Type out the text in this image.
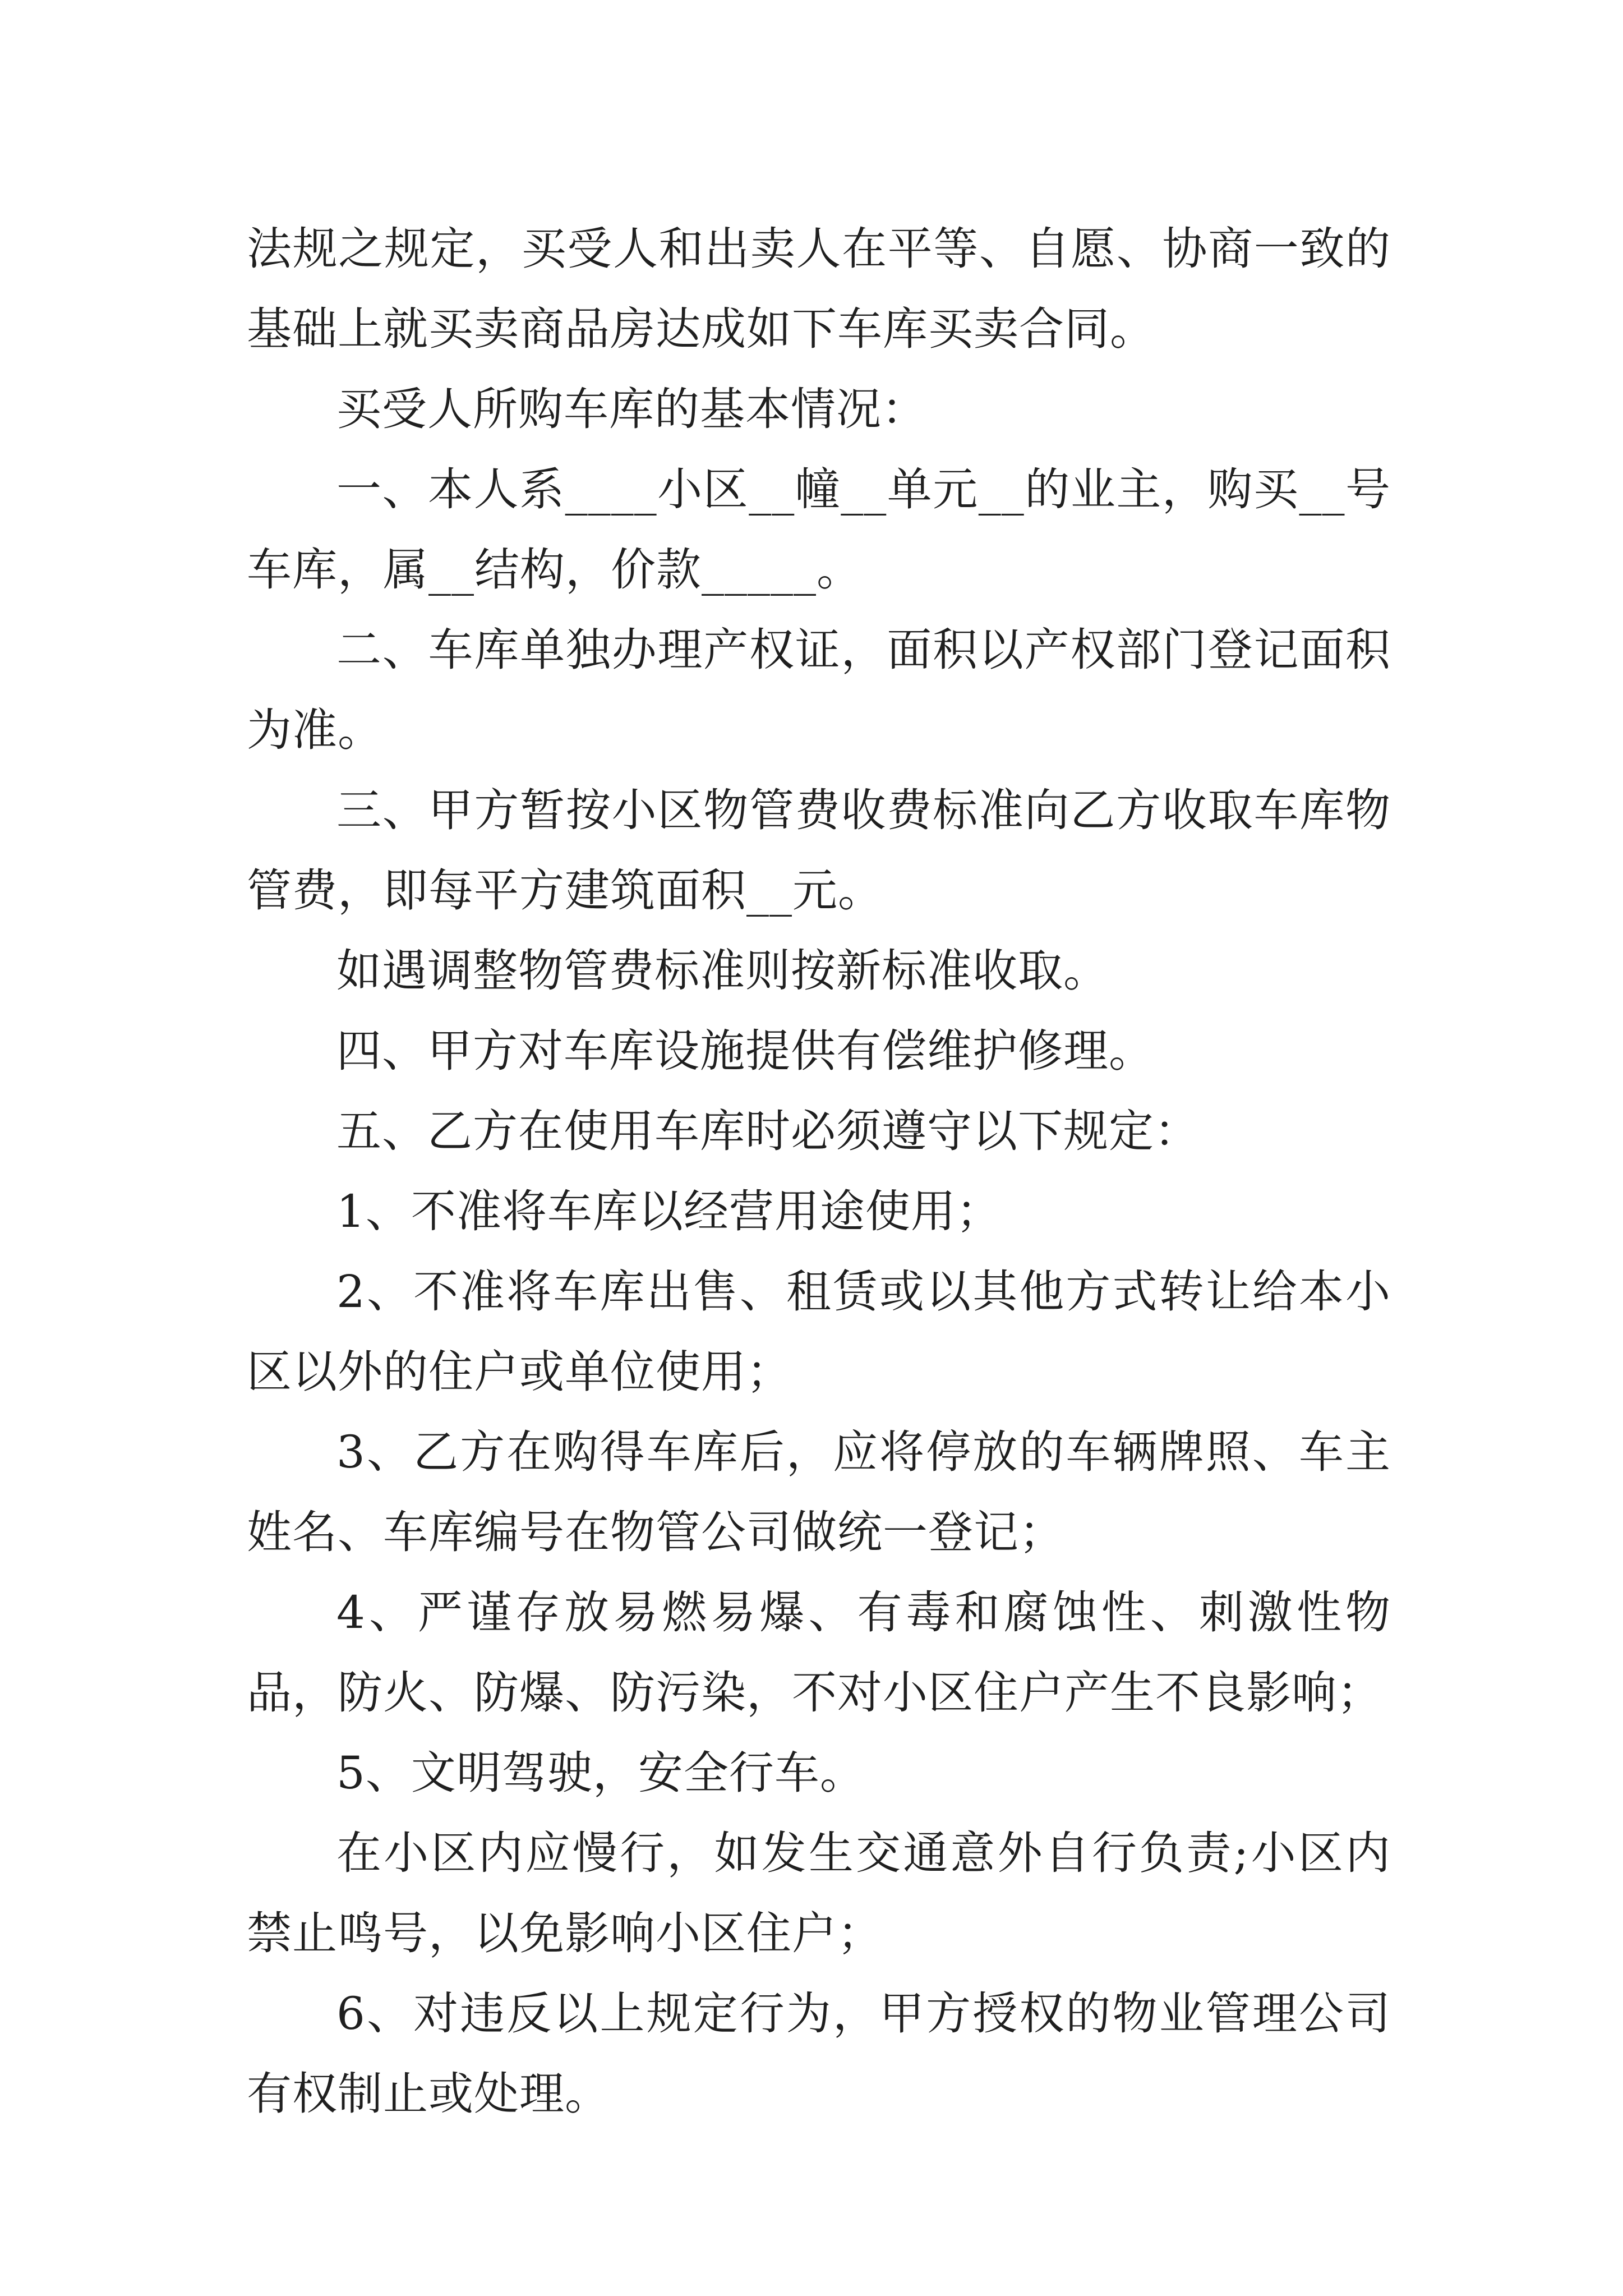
法规之规定，买受人和出卖人在平等、自愿、协商一致的基础上就买卖商品房达成如下车库买卖合同。

买受人所购车库的基本情况：

一、本人系____小区__幢__单元__的业主，购买__号车库，属__结构，价款_____。

二、车库单独办理产权证，面积以产权部门登记面积为准。

三、甲方暂按小区物管费收费标准向乙方收取车库物管费，即每平方建筑面积__元。

如遇调整物管费标准则按新标准收取。

四、甲方对车库设施提供有偿维护修理。

五、乙方在使用车库时必须遵守以下规定：

1、不准将车库以经营用途使用；

2、不准将车库出售、租赁或以其他方式转让给本小区以外的住户或单位使用；

3、乙方在购得车库后，应将停放的车辆牌照、车主姓名、车库编号在物管公司做统一登记；

4、严谨存放易燃易爆、有毒和腐蚀性、刺激性物品，防火、防爆、防污染，不对小区住户产生不良影响；

5、文明驾驶，安全行车。

在小区内应慢行，如发生交通意外自行负责;小区内禁止鸣号，以免影响小区住户；

6、对违反以上规定行为，甲方授权的物业管理公司有权制止或处理。
